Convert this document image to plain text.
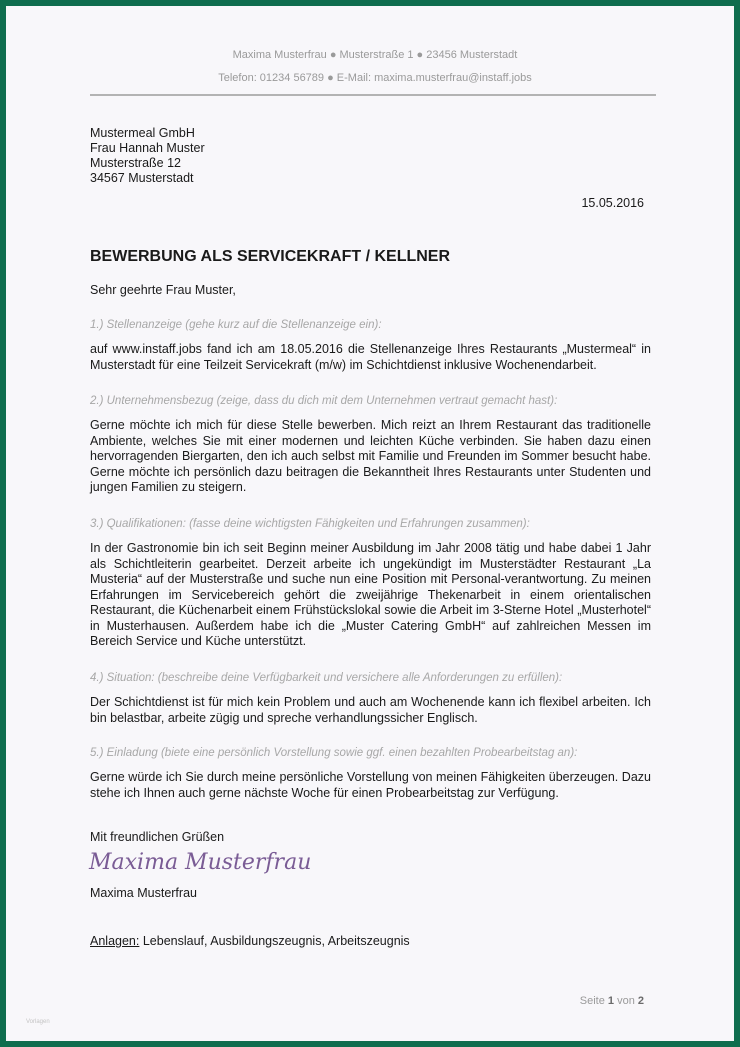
Maxima Musterfrau ● Musterstraße 1 ● 23456 Musterstadt
Telefon: 01234 56789 ● E-Mail: maxima.musterfrau@instaff.jobs
Mustermeal GmbH
Frau Hannah Muster
Musterstraße 12
34567 Musterstadt
15.05.2016
BEWERBUNG ALS SERVICEKRAFT / KELLNER
Sehr geehrte Frau Muster,
1.) Stellenanzeige (gehe kurz auf die Stellenanzeige ein):
auf www.instaff.jobs fand ich am 18.05.2016 die Stellenanzeige Ihres Restaurants „Mustermeal“ in Musterstadt für eine Teilzeit Servicekraft (m/w) im Schichtdienst inklusive Wochenendarbeit.
2.) Unternehmensbezug (zeige, dass du dich mit dem Unternehmen vertraut gemacht hast):
Gerne möchte ich mich für diese Stelle bewerben. Mich reizt an Ihrem Restaurant das traditionelle Ambiente, welches Sie mit einer modernen und leichten Küche verbinden. Sie haben dazu einen hervorragenden Biergarten, den ich auch selbst mit Familie und Freunden im Sommer besucht habe. Gerne möchte ich persönlich dazu beitragen die Bekanntheit Ihres Restaurants unter Studenten und jungen Familien zu steigern.
3.) Qualifikationen: (fasse deine wichtigsten Fähigkeiten und Erfahrungen zusammen):
In der Gastronomie bin ich seit Beginn meiner Ausbildung im Jahr 2008 tätig und habe dabei 1 Jahr als Schichtleiterin gearbeitet. Derzeit arbeite ich ungekündigt im Musterstädter Restaurant „La Musteria“ auf der Musterstraße und suche nun eine Position mit Personal-verantwortung. Zu meinen Erfahrungen im Servicebereich gehört die zweijährige Thekenarbeit in einem orientalischen Restaurant, die Küchenarbeit einem Frühstückslokal sowie die Arbeit im 3-Sterne Hotel „Musterhotel“ in Musterhausen. Außerdem habe ich die „Muster Catering GmbH“ auf zahlreichen Messen im Bereich Service und Küche unterstützt.
4.) Situation: (beschreibe deine Verfügbarkeit und versichere alle Anforderungen zu erfüllen):
Der Schichtdienst ist für mich kein Problem und auch am Wochenende kann ich flexibel arbeiten. Ich bin belastbar, arbeite zügig und spreche verhandlungssicher Englisch.
5.) Einladung (biete eine persönlich Vorstellung sowie ggf. einen bezahlten Probearbeitstag an):
Gerne würde ich Sie durch meine persönliche Vorstellung von meinen Fähigkeiten überzeugen. Dazu stehe ich Ihnen auch gerne nächste Woche für einen Probearbeitstag zur Verfügung.
Mit freundlichen Grüßen
Maxima Musterfrau
Maxima Musterfrau
Anlagen: Lebenslauf, Ausbildungszeugnis, Arbeitszeugnis
Seite 1 von 2
Vorlagen
